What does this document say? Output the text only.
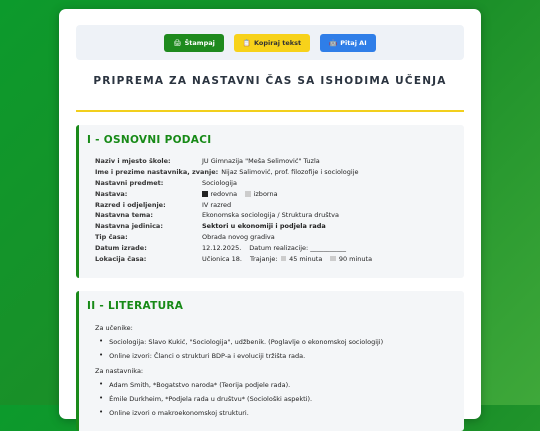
🖨 Štampaj	📋 Kopiraj tekst	🤖 Pitaj AI
PRIPREMA ZA NASTAVNI ČAS SA ISHODIMA UČENJA
I - OSNOVNI PODACI
Naziv i mjesto škole:	JU Gimnazija "Meša Selimović" Tuzla
Ime i prezime nastavnika, zvanje: Nijaz Salimović, prof. filozofije i sociologije
Nastavni predmet:	Sociologija
Nastava:	redovna	izborna
Razred i odjeljenje:	IV razred
Nastavna tema:	Ekonomska sociologija / Struktura društva
Nastavna jedinica:	Sektori u ekonomiji i podjela rada
Tip časa:	Obrada novog gradiva
Datum izrade:	12.12.2025. Datum realizacije: ___________
Lokacija časa:	Učionica 18. Trajanje: 45 minuta	90 minuta
II - LITERATURA
Za učenike:
• Sociologija: Slavo Kukić, "Sociologija", udžbenik. (Poglavlje o ekonomskoj sociologiji)
• Online izvori: Članci o strukturi BDP-a i evoluciji tržišta rada.
Za nastavnika:
• Adam Smith, *Bogatstvo naroda* (Teorija podjele rada).
• Émile Durkheim, *Podjela rada u društvu* (Sociološki aspekti).
• Online izvori o makroekonomskoj strukturi.
